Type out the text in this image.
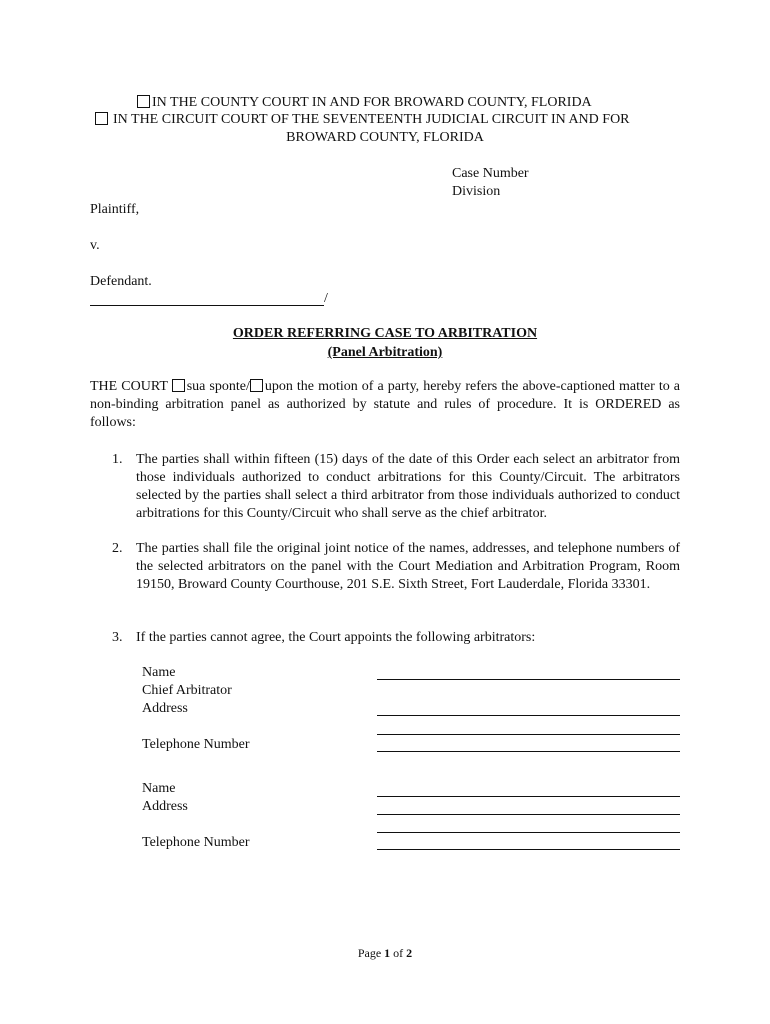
IN THE COUNTY COURT IN AND FOR BROWARD COUNTY, FLORIDA
IN THE CIRCUIT COURT OF THE SEVENTEENTH JUDICIAL CIRCUIT IN AND FOR
BROWARD COUNTY, FLORIDA
Case Number
Division
Plaintiff,
v.
Defendant.
/
ORDER REFERRING CASE TO ARBITRATION
(Panel Arbitration)
THE COURT sua sponte/ upon the motion of a party, hereby refers the above-captioned matter to a non-binding arbitration panel as authorized by statute and rules of procedure. It is ORDERED as follows:
1. The parties shall within fifteen (15) days of the date of this Order each select an arbitrator from those individuals authorized to conduct arbitrations for this County/Circuit. The arbitrators selected by the parties shall select a third arbitrator from those individuals authorized to conduct arbitrations for this County/Circuit who shall serve as the chief arbitrator.
2. The parties shall file the original joint notice of the names, addresses, and telephone numbers of the selected arbitrators on the panel with the Court Mediation and Arbitration Program, Room 19150, Broward County Courthouse, 201 S.E. Sixth Street, Fort Lauderdale, Florida 33301.
3. If the parties cannot agree, the Court appoints the following arbitrators:
Name
Chief Arbitrator
Address
Telephone Number
Name
Address
Telephone Number
Page 1 of 2
